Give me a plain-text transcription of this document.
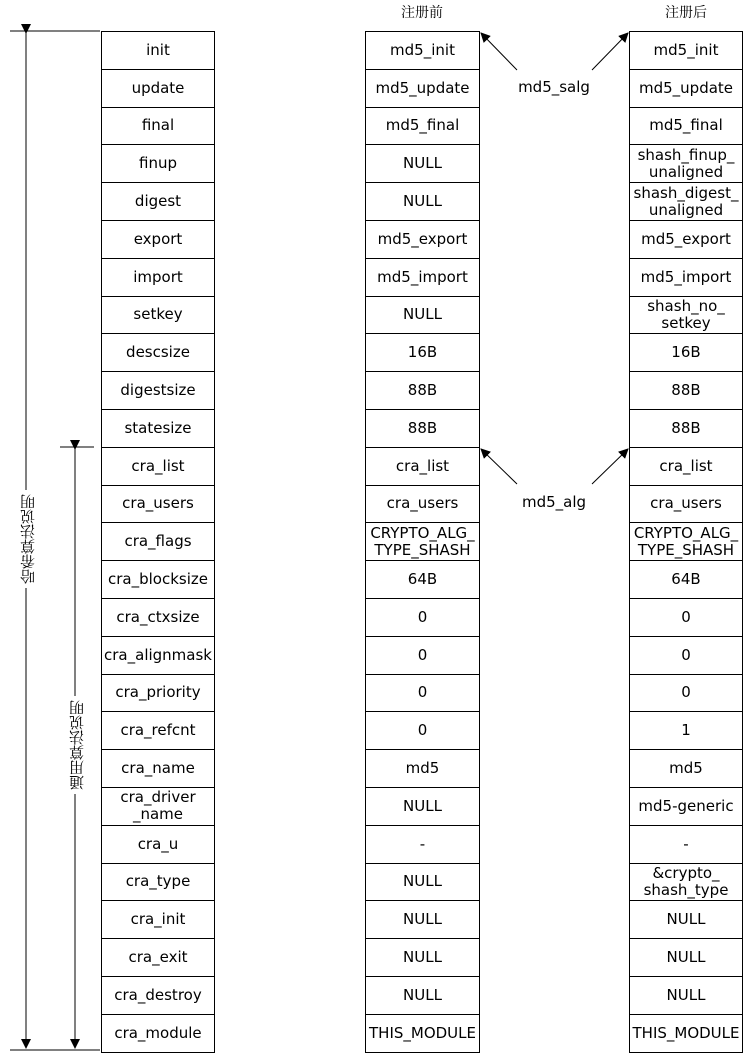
注册前	注册后
哈希算法说明
通用算法说明
md5_salg
md5_alg
init
update
final
finup
digest
export
import
setkey
descsize
digestsize
statesize
cra_list
cra_users
cra_flags
cra_blocksize
cra_ctxsize
cra_alignmask
cra_priority
cra_refcnt
cra_name
cra_driver
_name
cra_u
cra_type
cra_init
cra_exit
cra_destroy
cra_module
md5_init
md5_update
md5_final
NULL
NULL
md5_export
md5_import
NULL
16B
88B
88B
cra_list
cra_users
CRYPTO_ALG_
TYPE_SHASH
64B
0
0
0
0
md5
NULL
-
NULL
NULL
NULL
NULL
THIS_MODULE
md5_init
md5_update
md5_final
shash_finup_
unaligned
shash_digest_
unaligned
md5_export
md5_import
shash_no_
setkey
16B
88B
88B
cra_list
cra_users
CRYPTO_ALG_
TYPE_SHASH
64B
0
0
0
1
md5
md5-generic
-
&crypto_
shash_type
NULL
NULL
NULL
THIS_MODULE
